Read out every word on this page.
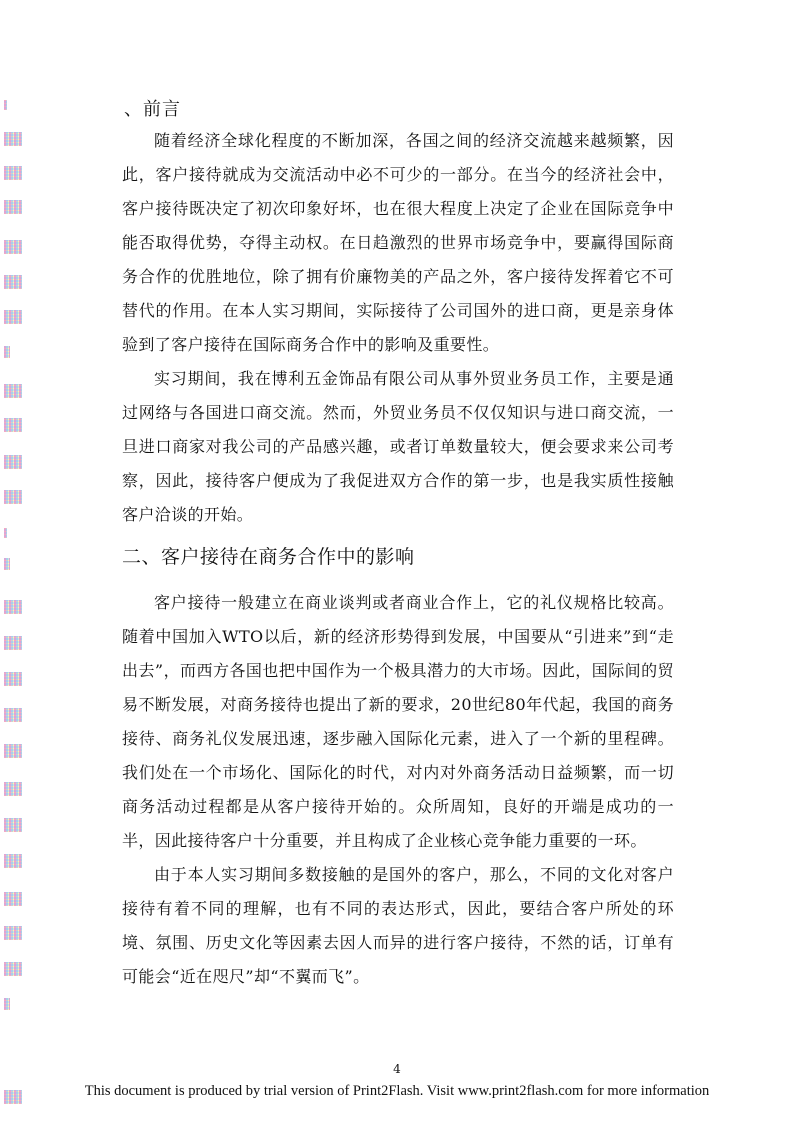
、前言

随着经济全球化程度的不断加深，各国之间的经济交流越来越频繁，因此，客户接待就成为交流活动中必不可少的一部分。在当今的经济社会中，客户接待既决定了初次印象好坏，也在很大程度上决定了企业在国际竞争中能否取得优势，夺得主动权。在日趋激烈的世界市场竞争中，要赢得国际商务合作的优胜地位，除了拥有价廉物美的产品之外，客户接待发挥着它不可替代的作用。在本人实习期间，实际接待了公司国外的进口商，更是亲身体验到了客户接待在国际商务合作中的影响及重要性。

实习期间，我在博利五金饰品有限公司从事外贸业务员工作，主要是通过网络与各国进口商交流。然而，外贸业务员不仅仅知识与进口商交流，一旦进口商家对我公司的产品感兴趣，或者订单数量较大，便会要求来公司考察，因此，接待客户便成为了我促进双方合作的第一步，也是我实质性接触客户洽谈的开始。

二、客户接待在商务合作中的影响

客户接待一般建立在商业谈判或者商业合作上，它的礼仪规格比较高。随着中国加入WTO以后，新的经济形势得到发展，中国要从“引进来”到“走出去”，而西方各国也把中国作为一个极具潜力的大市场。因此，国际间的贸易不断发展，对商务接待也提出了新的要求，20世纪80年代起，我国的商务接待、商务礼仪发展迅速，逐步融入国际化元素，进入了一个新的里程碑。我们处在一个市场化、国际化的时代，对内对外商务活动日益频繁，而一切商务活动过程都是从客户接待开始的。众所周知，良好的开端是成功的一半，因此接待客户十分重要，并且构成了企业核心竞争能力重要的一环。

由于本人实习期间多数接触的是国外的客户，那么，不同的文化对客户接待有着不同的理解，也有不同的表达形式，因此，要结合客户所处的环境、氛围、历史文化等因素去因人而异的进行客户接待，不然的话，订单有可能会“近在咫尺”却“不翼而飞”。

4
This document is produced by trial version of Print2Flash. Visit www.print2flash.com for more information
